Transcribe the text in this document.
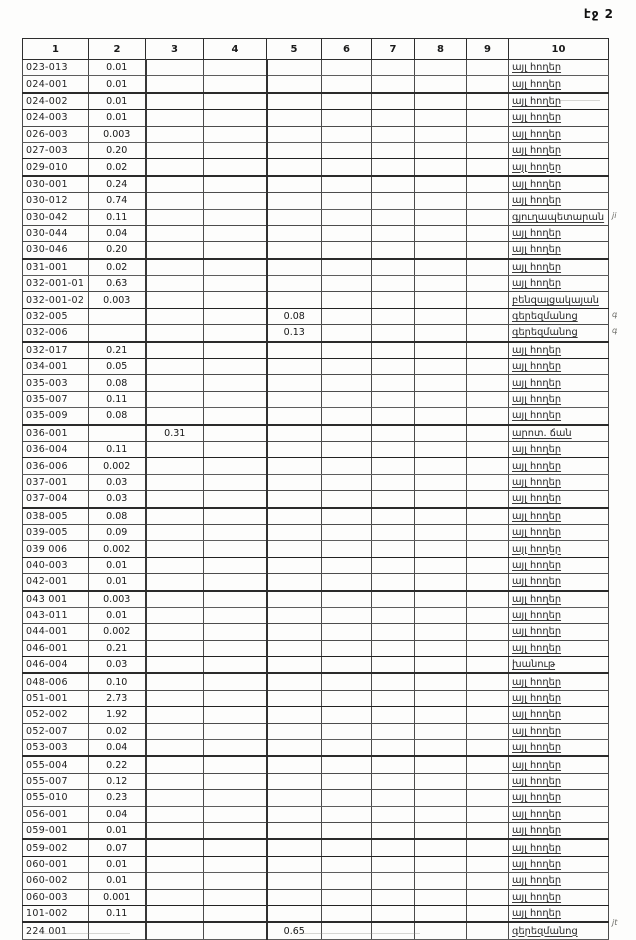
էջ 2
1	2	3	4	5	6	7	8	9	10
023-013	0.01								այլ հողեր
024-001	0.01								այլ հողեր
024-002	0.01								այլ հողեր
024-003	0.01								այլ հողեր
026-003	0.003								այլ հողեր
027-003	0.20								այլ հողեր
029-010	0.02								այլ հողեր
030-001	0.24								այլ հողեր
030-012	0.74								այլ հողեր
030-042	0.11								գյուղապետարան
030-044	0.04								այլ հողեր
030-046	0.20								այլ հողեր
031-001	0.02								այլ հողեր
032-001-01	0.63								այլ հողեր
032-001-02	0.003								բենզալցակայան
032-005				0.08					գերեզմանոց
032-006				0.13					գերեզմանոց
032-017	0.21								այլ հողեր
034-001	0.05								այլ հողեր
035-003	0.08								այլ հողեր
035-007	0.11								այլ հողեր
035-009	0.08								այլ հողեր
036-001		0.31							արոտ. ճան
036-004	0.11								այլ հողեր
036-006	0.002								այլ հողեր
037-001	0.03								այլ հողեր
037-004	0.03								այլ հողեր
038-005	0.08								այլ հողեր
039-005	0.09								այլ հողեր
039 006	0.002								այլ հողեր
040-003	0.01								այլ հողեր
042-001	0.01								այլ հողեր
043 001	0.003								այլ հողեր
043-011	0.01								այլ հողեր
044-001	0.002								այլ հողեր
046-001	0.21								այլ հողեր
046-004	0.03								խանութ
048-006	0.10								այլ հողեր
051-001	2.73								այլ հողեր
052-002	1.92								այլ հողեր
052-007	0.02								այլ հողեր
053-003	0.04								այլ հողեր
055-004	0.22								այլ հողեր
055-007	0.12								այլ հողեր
055-010	0.23								այլ հողեր
056-001	0.04								այլ հողեր
059-001	0.01								այլ հողեր
059-002	0.07								այլ հողեր
060-001	0.01								այլ հողեր
060-002	0.01								այլ հողեր
060-003	0.001								այլ հողեր
101-002	0.11								այլ հողեր
224 001				0.65					գերեզմանոց
ji
գ
գ
jt
